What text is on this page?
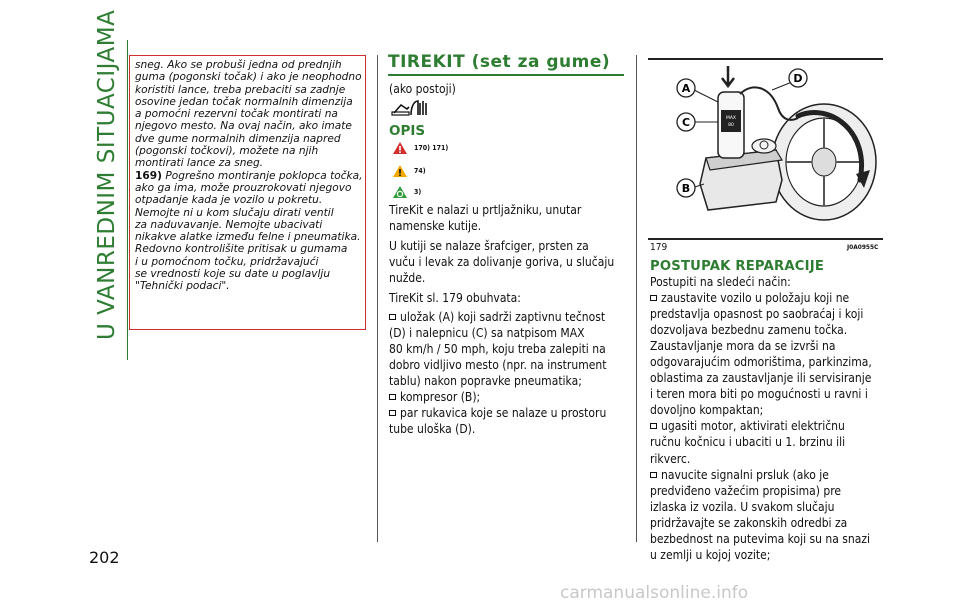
U VANREDNIM SITUACIJAMA
202
sneg. Ako se probuši jedna od prednjih
guma (pogonski točak) i ako je neophodno
koristiti lance, treba prebaciti sa zadnje
osovine jedan točak normalnih dimenzija
a pomoćni rezervni točak montirati na
njegovo mesto. Na ovaj način, ako imate
dve gume normalnih dimenzija napred
(pogonski točkovi), možete na njih
montirati lance za sneg.
169) Pogrešno montiranje poklopca točka,
ako ga ima, može prouzrokovati njegovo
otpadanje kada je vozilo u pokretu.
Nemojte ni u kom slučaju dirati ventil
za naduvavanje. Nemojte ubacivati
nikakve alatke između felne i pneumatika.
Redovno kontrolišite pritisak u gumama
i u pomoćnom točku, pridržavajući
se vrednosti koje su date u poglavlju
"Tehnički podaci".
TIREKIT (set za gume)
(ako postoji)
OPIS
170) 171)
74)
3)
TireKit e nalazi u prtljažniku, unutar
namenske kutije.
U kutiji se nalaze šrafciger, prsten za
vuču i levak za dolivanje goriva, u slučaju
nužde.
TireKit sl. 179 obuhvata:
uložak (A) koji sadrži zaptivnu tečnost
(D) i nalepnicu (C) sa natpisom MAX
80 km/h / 50 mph, koju treba zalepiti na
dobro vidljivo mesto (npr. na instrument
tablu) nakon popravke pneumatika;
kompresor (B);
par rukavica koje se nalaze u prostoru
tube uloška (D).
MAX
80
A
C
B
D
179	J0A0955C
POSTUPAK REPARACIJE
Postupiti na sledeći način:
zaustavite vozilo u položaju koji ne
predstavlja opasnost po saobraćaj i koji
dozvoljava bezbednu zamenu točka.
Zaustavljanje mora da se izvrši na
odgovarajućim odmorištima, parkinzima,
oblastima za zaustavljanje ili servisiranje
i teren mora biti po mogućnosti u ravni i
dovoljno kompaktan;
ugasiti motor, aktivirati električnu
ručnu kočnicu i ubaciti u 1. brzinu ili
rikverc.
navucite signalni prsluk (ako je
predviđeno važećim propisima) pre
izlaska iz vozila. U svakom slučaju
pridržavajte se zakonskih odredbi za
bezbednost na putevima koji su na snazi
u zemlji u kojoj vozite;
carmanualsonline.info
